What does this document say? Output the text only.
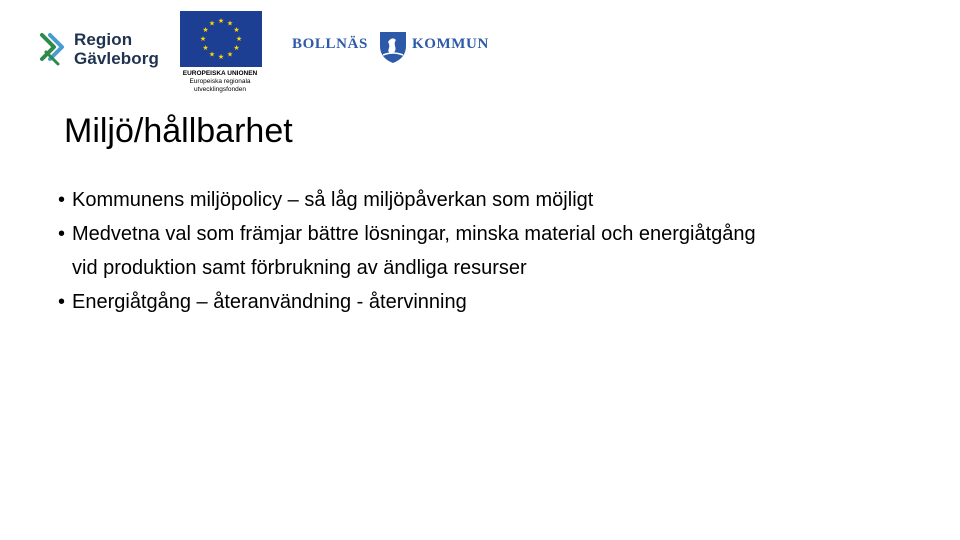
Region
Gävleborg
★ ★
★
★
★
★
★
★
★
★
★
★
EUROPEISKA UNIONEN
Europeiska regionala
utvecklingsfonden
BOLLNÄS	KOMMUN
Miljö/hållbarhet
• Kommunens miljöpolicy – så låg miljöpåverkan som möjligt
• Medvetna val som främjar bättre lösningar, minska material och energiåtgång vid produktion samt förbrukning av ändliga resurser
• Energiåtgång – återanvändning - återvinning
